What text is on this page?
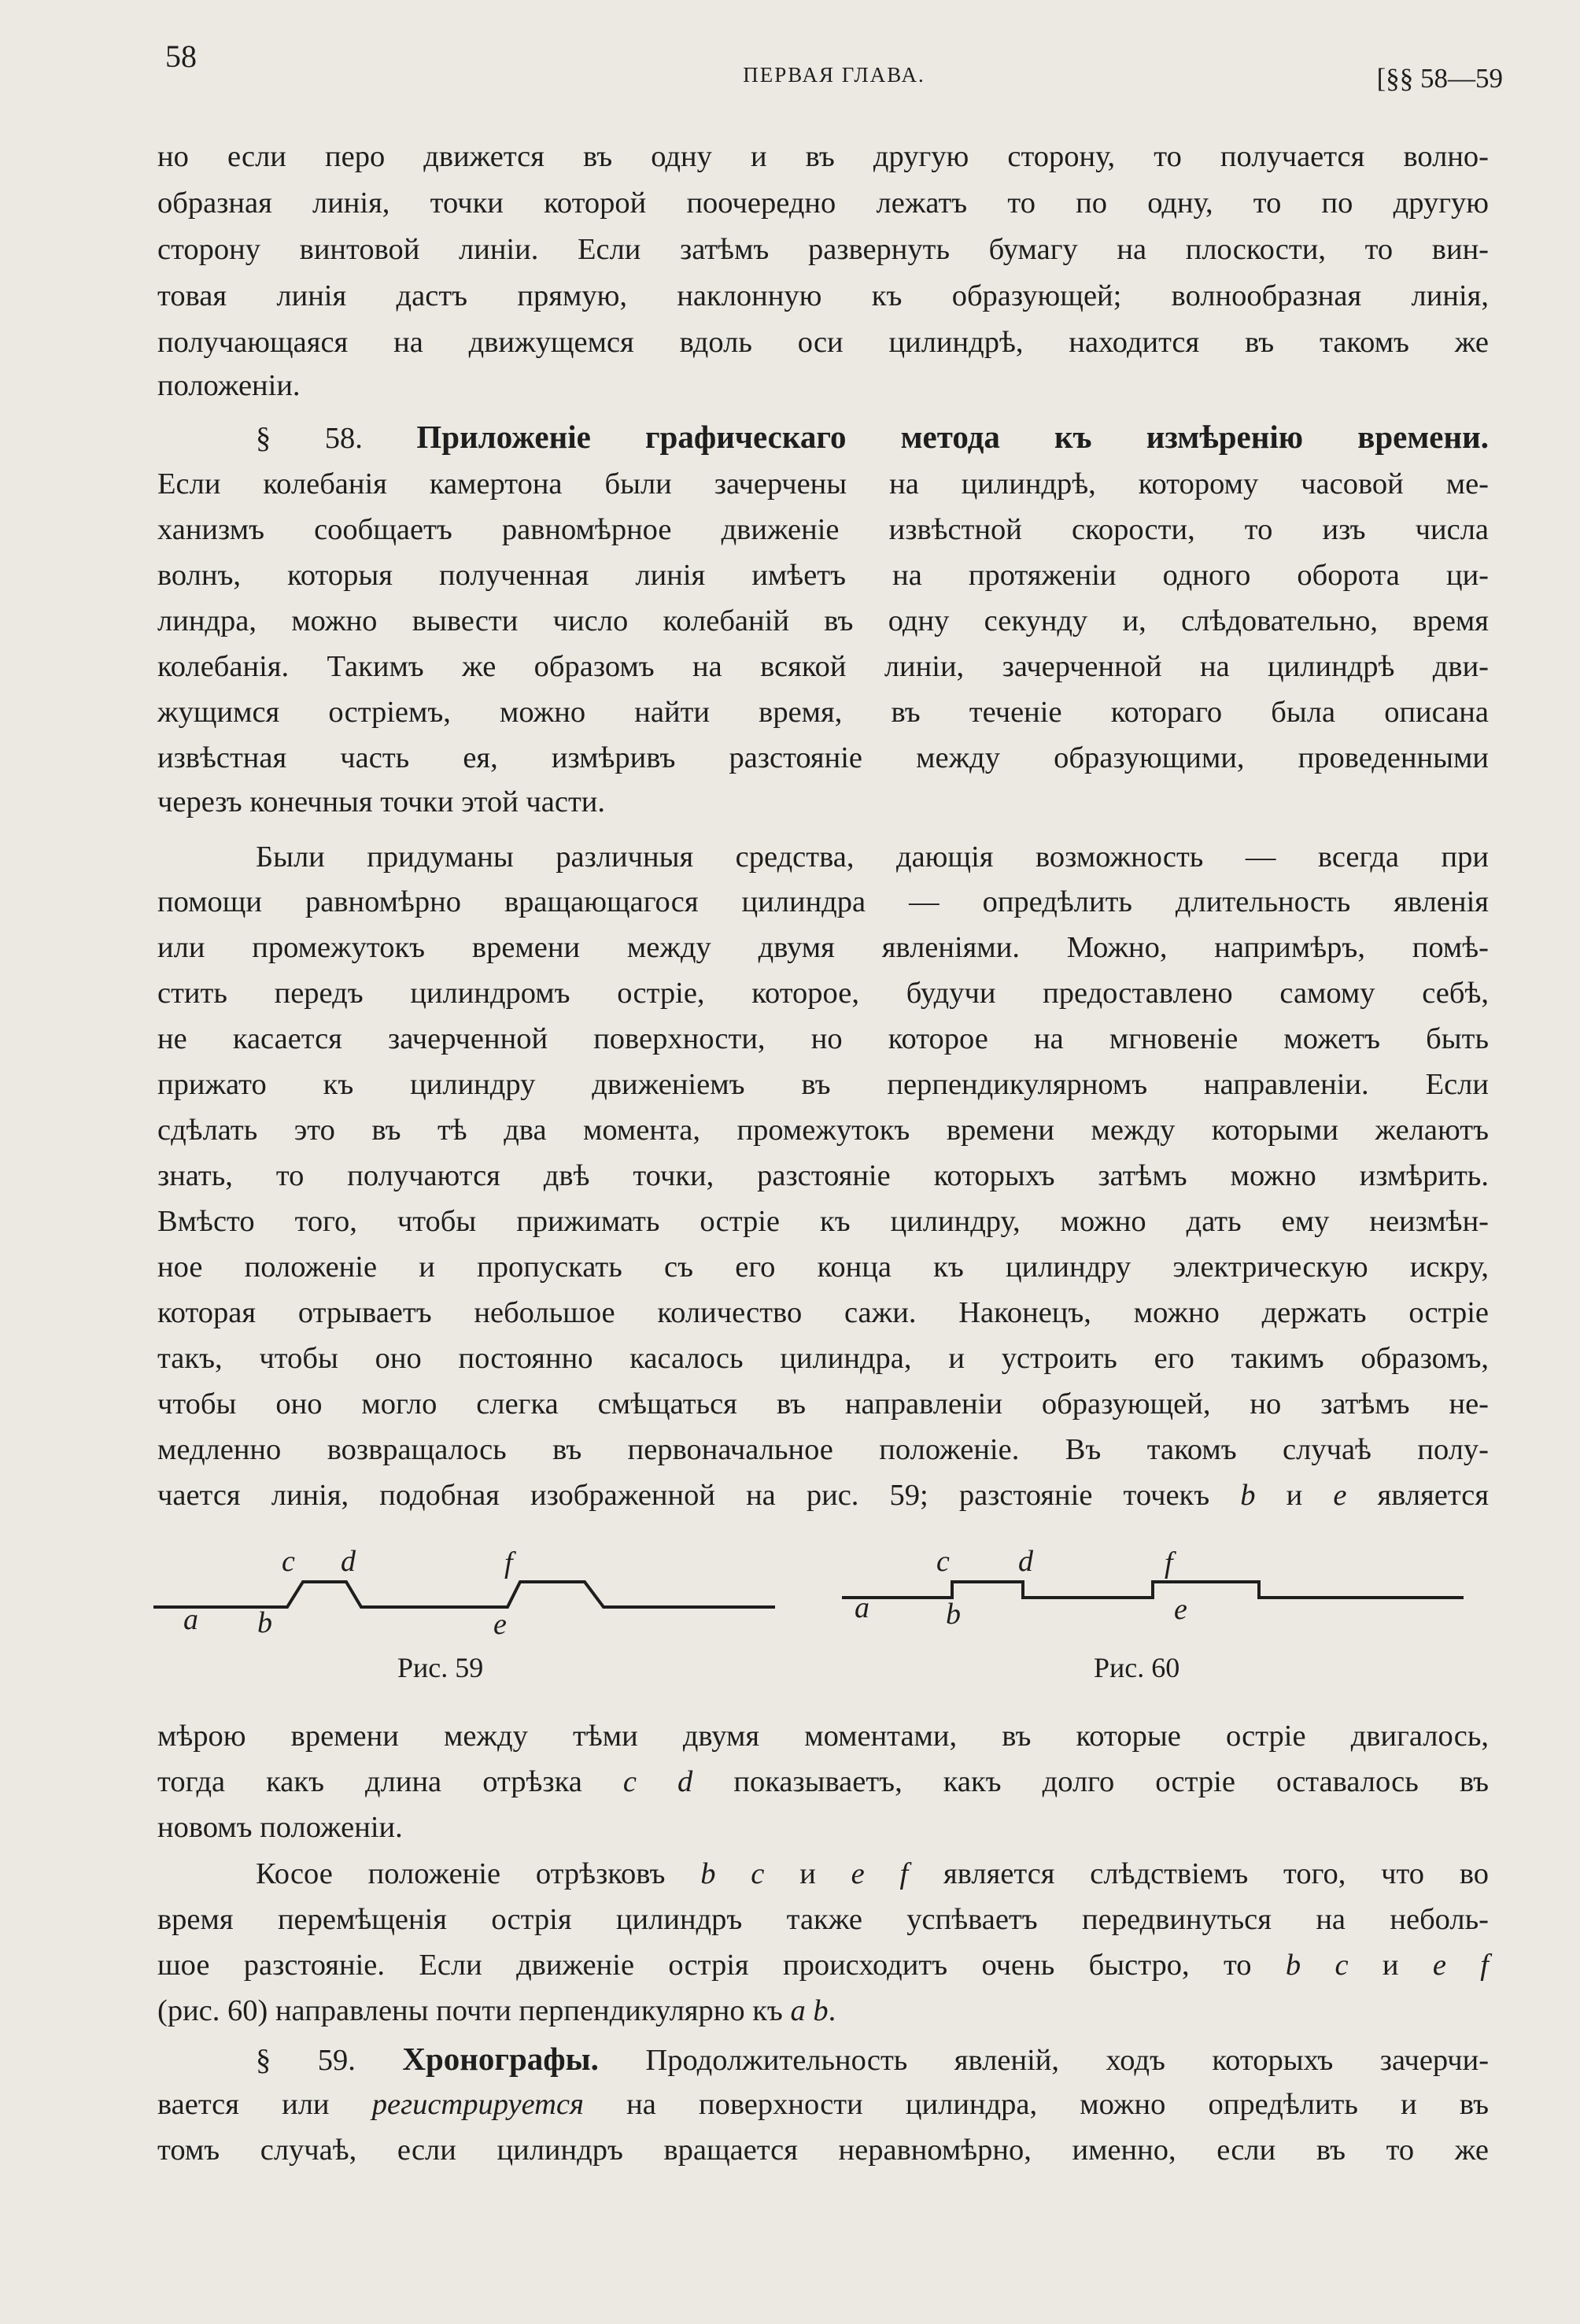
58
ПЕРВАЯ ГЛАВА.	[§§ 58—59
но если перо движется въ одну и въ другую сторону, то получается волно-
образная линія, точки которой поочередно лежатъ то по одну, то по другую
сторону винтовой линіи. Если затѣмъ развернуть бумагу на плоскости, то вин-
товая линія дастъ прямую, наклонную къ образующей; волнообразная линія,
получающаяся на движущемся вдоль оси цилиндрѣ, находится въ такомъ же
положеніи.
§ 58. Приложеніе графическаго метода къ измѣренію времени.
Если колебанія камертона были зачерчены на цилиндрѣ, которому часовой ме-
ханизмъ сообщаетъ равномѣрное движеніе извѣстной скорости, то изъ числа
волнъ, которыя полученная линія имѣетъ на протяженіи одного оборота ци-
линдра, можно вывести число колебаній въ одну секунду и, слѣдовательно, время
колебанія. Такимъ же образомъ на всякой линіи, зачерченной на цилиндрѣ дви-
жущимся остріемъ, можно найти время, въ теченіе котораго была описана
извѣстная часть ея, измѣривъ разстояніе между образующими, проведенными
черезъ конечныя точки этой части.
Были придуманы различныя средства, дающія возможность — всегда при
помощи равномѣрно вращающагося цилиндра — опредѣлить длительность явленія
или промежутокъ времени между двумя явленіями. Можно, напримѣръ, помѣ-
стить передъ цилиндромъ остріе, которое, будучи предоставлено самому себѣ,
не касается зачерченной поверхности, но которое на мгновеніе можетъ быть
прижато къ цилиндру движеніемъ въ перпендикулярномъ направленіи. Если
сдѣлать это въ тѣ два момента, промежутокъ времени между которыми желаютъ
знать, то получаются двѣ точки, разстояніе которыхъ затѣмъ можно измѣрить.
Вмѣсто того, чтобы прижимать остріе къ цилиндру, можно дать ему неизмѣн-
ное положеніе и пропускать съ его конца къ цилиндру электрическую искру,
которая отрываетъ небольшое количество сажи. Наконецъ, можно держать остріе
такъ, чтобы оно постоянно касалось цилиндра, и устроить его такимъ образомъ,
чтобы оно могло слегка смѣщаться въ направленіи образующей, но затѣмъ не-
медленно возвращалось въ первоначальное положеніе. Въ такомъ случаѣ полу-
чается линія, подобная изображенной на рис. 59; разстояніе точекъ b и e является
a b
c d
e
f
Рис. 59
a	b
c d
e
f
Рис. 60
мѣрою времени между тѣми двумя моментами, въ которые остріе двигалось,
тогда какъ длина отрѣзка c d показываетъ, какъ долго остріе оставалось въ
новомъ положеніи.
Косое положеніе отрѣзковъ b c и e f является слѣдствіемъ того, что во
время перемѣщенія острія цилиндръ также успѣваетъ передвинуться на неболь-
шое разстояніе. Если движеніе острія происходитъ очень быстро, то b c и e f
(рис. 60) направлены почти перпендикулярно къ a b.
§ 59. Хронографы. Продолжительность явленій, ходъ которыхъ зачерчи-
вается или регистрируется на поверхности цилиндра, можно опредѣлить и въ
томъ случаѣ, если цилиндръ вращается неравномѣрно, именно, если въ то же
